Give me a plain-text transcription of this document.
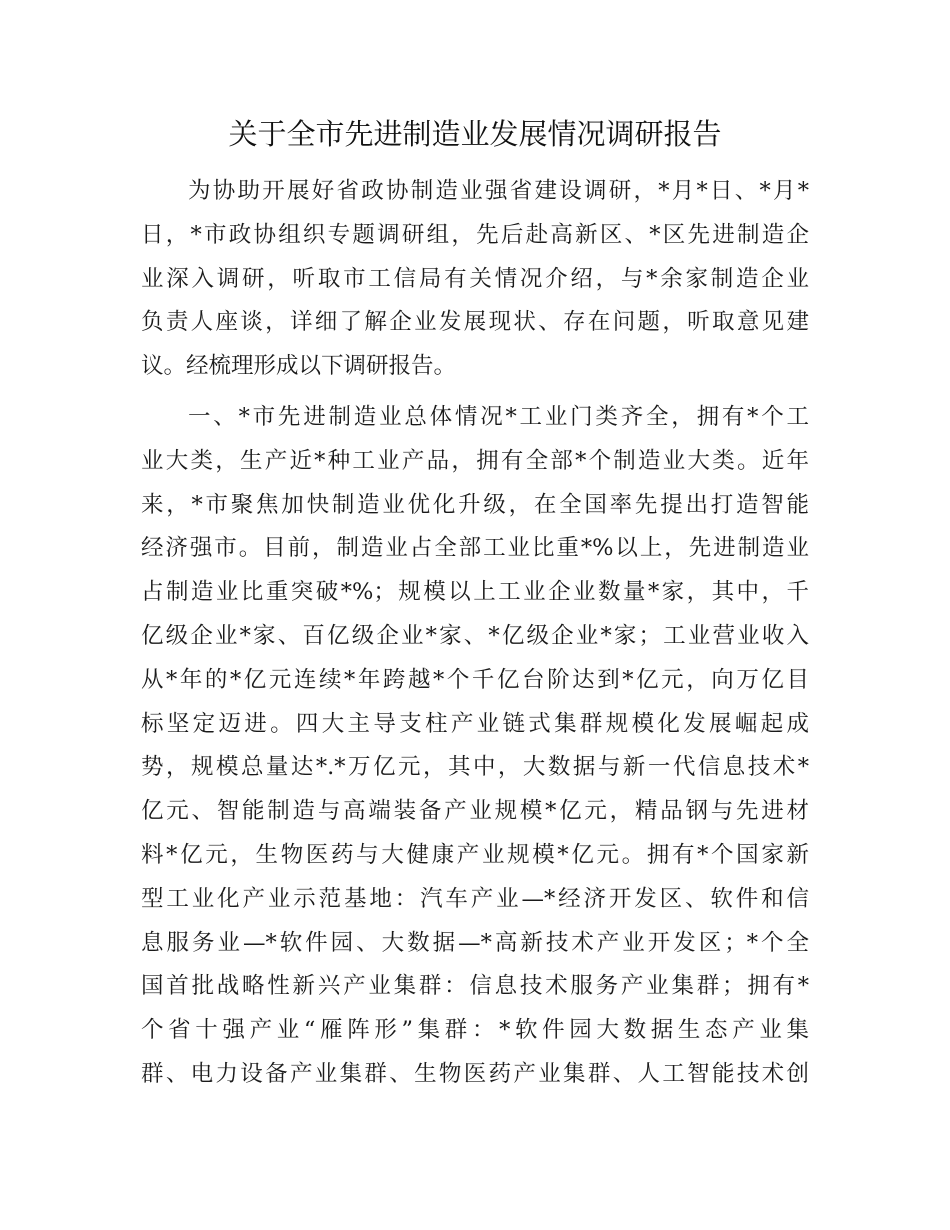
关于全市先进制造业发展情况调研报告
为协助开展好省政协制造业强省建设调研，*月*日、*月*
日，*市政协组织专题调研组，先后赴高新区、*区先进制造企
业深入调研，听取市工信局有关情况介绍，与*余家制造企业
负责人座谈，详细了解企业发展现状、存在问题，听取意见建
议。经梳理形成以下调研报告。
一、*市先进制造业总体情况*工业门类齐全，拥有*个工
业大类，生产近*种工业产品，拥有全部*个制造业大类。近年
来，*市聚焦加快制造业优化升级，在全国率先提出打造智能
经济强市。目前，制造业占全部工业比重*%以上，先进制造业
占制造业比重突破*%；规模以上工业企业数量*家，其中，千
亿级企业*家、百亿级企业*家、*亿级企业*家；工业营业收入
从*年的*亿元连续*年跨越*个千亿台阶达到*亿元，向万亿目
标坚定迈进。四大主导支柱产业链式集群规模化发展崛起成
势，规模总量达*.*万亿元，其中，大数据与新一代信息技术*
亿元、智能制造与高端装备产业规模*亿元，精品钢与先进材
料*亿元，生物医药与大健康产业规模*亿元。拥有*个国家新
型工业化产业示范基地：汽车产业—*经济开发区、软件和信
息服务业—*软件园、大数据—*高新技术产业开发区；*个全
国首批战略性新兴产业集群：信息技术服务产业集群；拥有*
个省十强产业“雁阵形”集群：*软件园大数据生态产业集
群、电力设备产业集群、生物医药产业集群、人工智能技术创
